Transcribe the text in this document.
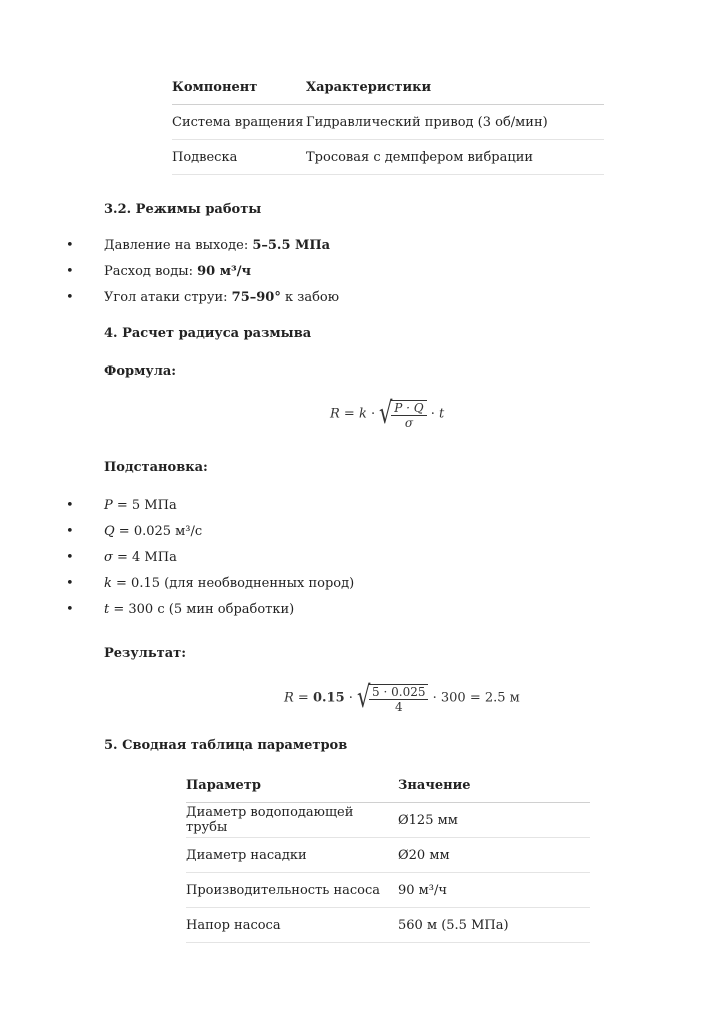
Компонент	Характеристики
Система вращения	Гидравлический привод (3 об/мин)
Подвеска	Тросовая с демпфером вибрации

3.2. Режимы работы

• Давление на выходе: 5–5.5 МПа
• Расход воды: 90 м³/ч
• Угол атаки струи: 75–90° к забою

4. Расчет радиуса размыва

Формула:

R = k · √
$\frac{P \cdot Q}{\sigma} \cdot t$

Подстановка:

• P = 5 МПа
• Q = 0.025 м³/с
• σ = 4 МПа
• k = 0.15 (для необводненных пород)
• t = 300 с (5 мин обработки)

Результат:

R = 0.15 · √
$\frac{5 \cdot 0.025}{4} \cdot 300 = 2.5$ м

5. Сводная таблица параметров

Параметр	Значение
Диаметр водоподающей трубы	Ø125 мм
Диаметр насадки	Ø20 мм
Производительность насоса	90 м³/ч
Напор насоса	560 м (5.5 МПа)
